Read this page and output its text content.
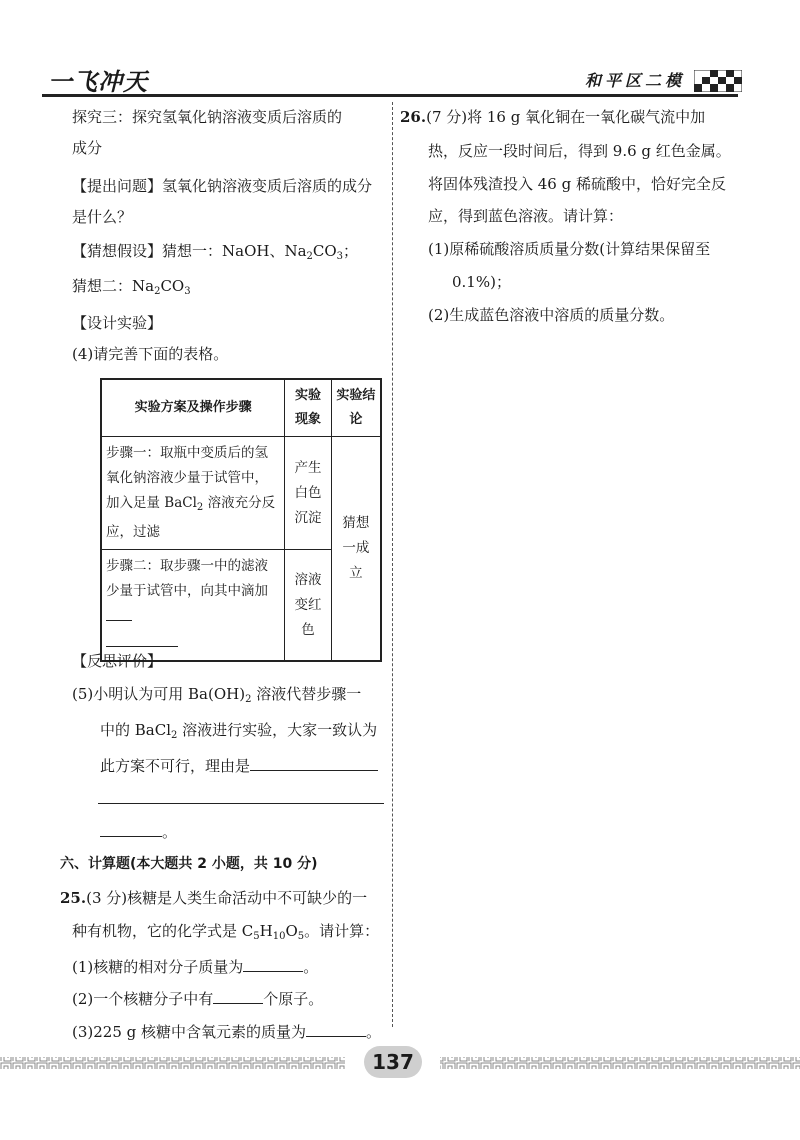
一飞冲天	和平区二模
探究三：探究氢氧化钠溶液变质后溶质的
成分
【提出问题】氢氧化钠溶液变质后溶质的成分
是什么？
【猜想假设】猜想一：NaOH、$Na_2CO_3$；
猜想二：$Na_2CO_3$
【设计实验】
(4)请完善下面的表格。
实验方案及操作步骤	实验现象	实验结论
步骤一：取瓶中变质后的氢氧化钠溶液少量于试管中，加入足量 BaCl$_2$ 溶液充分反应，过滤	产生白色沉淀	猜想一成立
步骤二：取步骤一中的滤液少量于试管中，向其中滴加	溶液变红色	
【反思评价】
(5)小明认为可用 $Ba(OH)_2$ 溶液代替步骤一
中的 BaCl$_2$ 溶液进行实验，大家一致认为
此方案不可行，理由是
。
六、计算题(本大题共 2 小题，共 10 分)
25.(3 分)核糖是人类生命活动中不可缺少的一
种有机物，它的化学式是 $C_5H_{10}O_5$。请计算：
(1)核糖的相对分子质量为	。
(2)一个核糖分子中有	个原子。
(3)225 g 核糖中含氧元素的质量为	。
26.(7 分)将 16 g 氧化铜在一氧化碳气流中加
热，反应一段时间后，得到 9.6 g 红色金属。
将固体残渣投入 46 g 稀硫酸中，恰好完全反
应，得到蓝色溶液。请计算：
(1)原稀硫酸溶质质量分数(计算结果保留至
0.1%)；
(2)生成蓝色溶液中溶质的质量分数。
137
